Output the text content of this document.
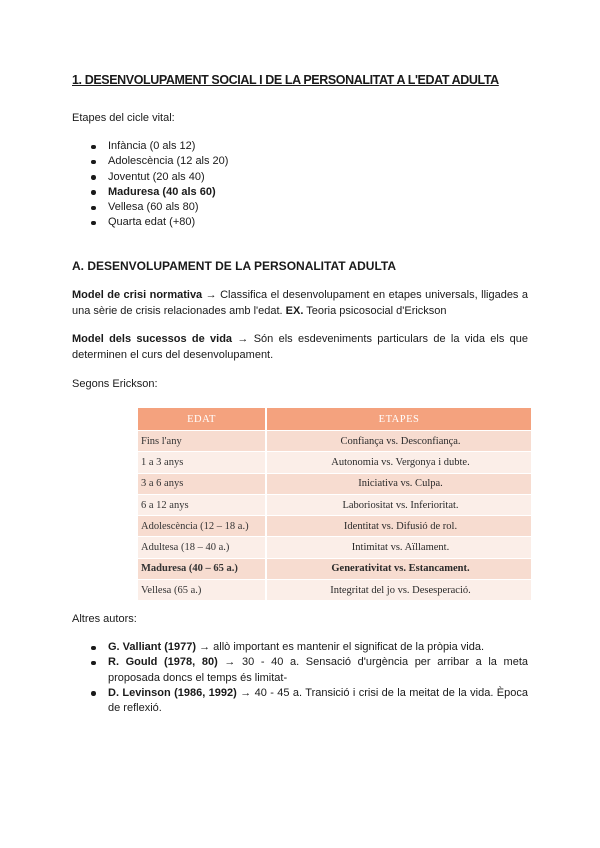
1. DESENVOLUPAMENT SOCIAL I DE LA PERSONALITAT A L'EDAT ADULTA
Etapes del cicle vital:
Infància (0 als 12)
Adolescència (12 als 20)
Joventut (20 als 40)
Maduresa (40 als 60)
Vellesa (60 als 80)
Quarta edat (+80)
A. DESENVOLUPAMENT DE LA PERSONALITAT ADULTA
Model de crisi normativa → Classifica el desenvolupament en etapes universals, lligades a una sèrie de crisis relacionades amb l'edat. EX. Teoria psicosocial d'Erickson
Model dels sucessos de vida → Són els esdeveniments particulars de la vida els que determinen el curs del desenvolupament.
Segons Erickson:
EDAT	ETAPES
Fins l'any	Confiança vs. Desconfiança.
1 a 3 anys	Autonomia vs. Vergonya i dubte.
3 a 6 anys	Iniciativa vs. Culpa.
6 a 12 anys	Laboriositat vs. Inferioritat.
Adolescència (12 – 18 a.)	Identitat vs. Difusió de rol.
Adultesa (18 – 40 a.)	Intimitat vs. Aïllament.
Maduresa (40 – 65 a.)	Generativitat vs. Estancament.
Vellesa (65 a.)	Integritat del jo vs. Desesperació.
Altres autors:
G. Valliant (1977) → allò important es mantenir el significat de la pròpia vida.
R. Gould (1978, 80) → 30 - 40 a. Sensació d'urgència per arribar a la meta proposada doncs el temps és limitat-
D. Levinson (1986, 1992) → 40 - 45 a. Transició i crisi de la meitat de la vida. Època de reflexió.
